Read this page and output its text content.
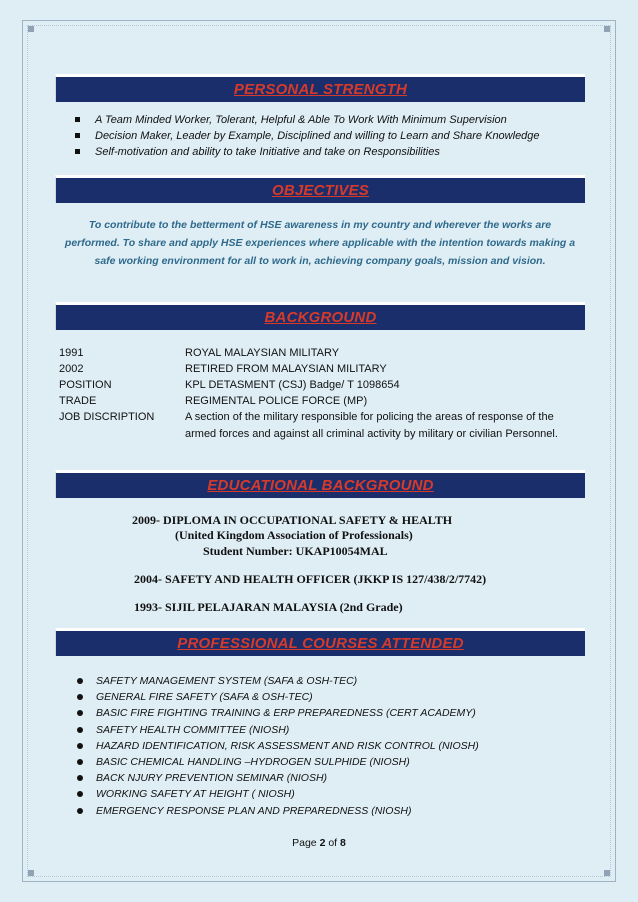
PERSONAL STRENGTH
A Team Minded Worker, Tolerant, Helpful & Able To Work With Minimum Supervision
Decision Maker, Leader by Example, Disciplined and willing to Learn and Share Knowledge
Self-motivation and ability to take Initiative and take on Responsibilities
OBJECTIVES

To contribute to the betterment of HSE awareness in my country and wherever the works are performed. To share and apply HSE experiences where applicable with the intention towards making a safe working environment for all to work in, achieving company goals, mission and vision.

BACKGROUND
1991	ROYAL MALAYSIAN MILITARY
2002	RETIRED FROM MALAYSIAN MILITARY
POSITION	KPL DETASMENT (CSJ) Badge/ T 1098654
TRADE	REGIMENTAL POLICE FORCE (MP)
JOB DISCRIPTION	A section of the military responsible for policing the areas of response of the armed forces and against all criminal activity by military or civilian Personnel.
EDUCATIONAL BACKGROUND
2009- DIPLOMA IN OCCUPATIONAL SAFETY & HEALTH
(United Kingdom Association of Professionals)
Student Number: UKAP10054MAL
2004- SAFETY AND HEALTH OFFICER (JKKP IS 127/438/2/7742)
1993- SIJIL PELAJARAN MALAYSIA (2nd Grade)
PROFESSIONAL COURSES ATTENDED
SAFETY MANAGEMENT SYSTEM (SAFA & OSH-TEC)
GENERAL FIRE SAFETY (SAFA & OSH-TEC)
BASIC FIRE FIGHTING TRAINING & ERP PREPAREDNESS (CERT ACADEMY)
SAFETY HEALTH COMMITTEE (NIOSH)
HAZARD IDENTIFICATION, RISK ASSESSMENT AND RISK CONTROL (NIOSH)
BASIC CHEMICAL HANDLING –HYDROGEN SULPHIDE (NIOSH)
BACK NJURY PREVENTION SEMINAR (NIOSH)
WORKING SAFETY AT HEIGHT ( NIOSH)
EMERGENCY RESPONSE PLAN AND PREPAREDNESS (NIOSH)
Page 2 of 8
